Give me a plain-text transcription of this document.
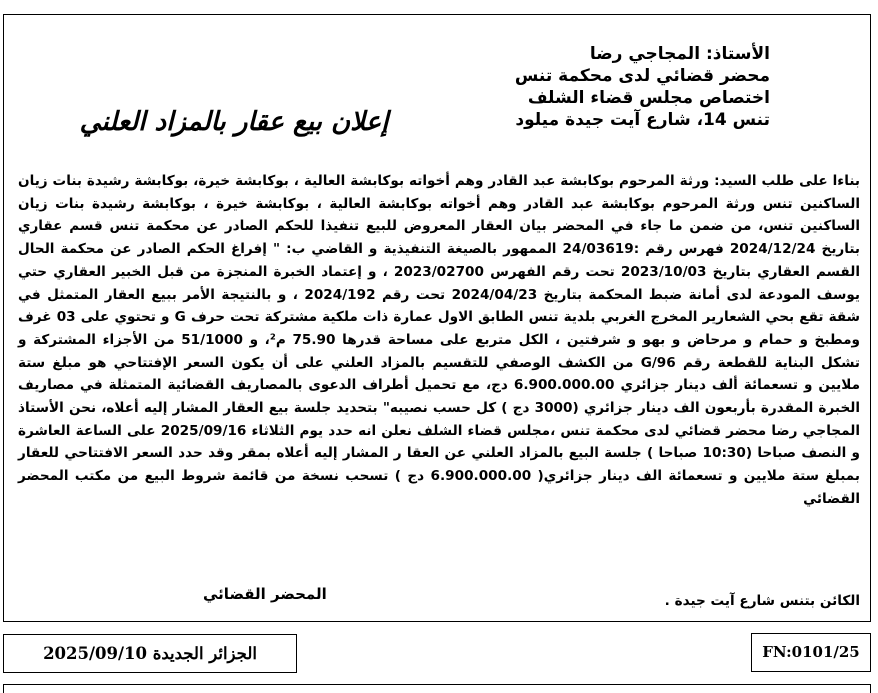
الأستاذ: المجاجي رضا
محضر قضائي لدى محكمة تنس
اختصاص مجلس قضاء الشلف
تنس 14، شارع آيت جيدة ميلود
إعلان بيع عقار بالمزاد العلني
بناءا على طلب السيد: ورثة المرحوم بوكابشة عبد القادر وهم أخواته بوكابشة العالية ، بوكابشة خيرة، بوكابشة رشيدة بنات زيان الساكنين تنس ورثة المرحوم بوكابشة عبد القادر وهم أخواته بوكابشة العالية ، بوكابشة خيرة ، بوكابشة رشيدة بنات زيان الساكنين تنس، من ضمن ما جاء في المحضر بيان العقار المعروض للبيع تنفيذا للحكم الصادر عن محكمة تنس قسم عقاري بتاريخ 2024/12/24 فهرس رقم :24/03619 الممهور بالصيغة التنفيذية و القاضي ب: " إفراغ الحكم الصادر عن محكمة الحال القسم العقاري بتاريخ 2023/10/03 تحت رقم الفهرس 2023/02700 ، و إعتماد الخبرة المنجزة من قبل الخبير العقاري حتي يوسف المودعة لدى أمانة ضبط المحكمة بتاريخ 2024/04/23 تحت رقم 2024/192 ، و بالنتيجة الأمر ببيع العقار المتمثل في شقة تقع بحي الشعارير المخرج الغربي بلدية تنس الطابق الاول عمارة ذات ملكية مشتركة تحت حرف G و تحتوي على 03 غرف ومطبخ و حمام و مرحاض و بهو و شرفتين ، الكل متربع على مساحة قدرها 75.90 م²، و 51/1000 من الأجزاء المشتركة و تشكل البناية للقطعة رقم G/96 من الكشف الوصفي للتقسيم بالمزاد العلني على أن يكون السعر الإفتتاحي هو مبلغ ستة ملايين و تسعمائة ألف دينار جزائري 6.900.000.00 دج، مع تحميل أطراف الدعوى بالمصاريف القضائية المتمثلة في مصاريف الخبرة المقدرة بأربعون الف دينار جزائري (3000 دج ) كل حسب نصيبه" بتحديد جلسة بيع العقار المشار إليه أعلاه، نحن الأستاذ المجاجي رضا محضر قضائي لدى محكمة تنس ،مجلس قضاء الشلف نعلن انه حدد يوم الثلاثاء 2025/09/16 على الساعة العاشرة و النصف صباحا (10:30 صباحا ) جلسة البيع بالمزاد العلني عن العقا ر المشار إليه أعلاه بمقر وقد حدد السعر الافتتاحي للعقار بمبلغ ستة ملايين و تسعمائة الف دينار جزائري( 6.900.000.00 دج ) تسحب نسخة من قائمة شروط البيع من مكتب المحضر القضائي
الكائن بتنس شارع آيت جيدة .
المحضر القضائي
الجزائر الجديدة 2025/09/10	FN:0101/25
